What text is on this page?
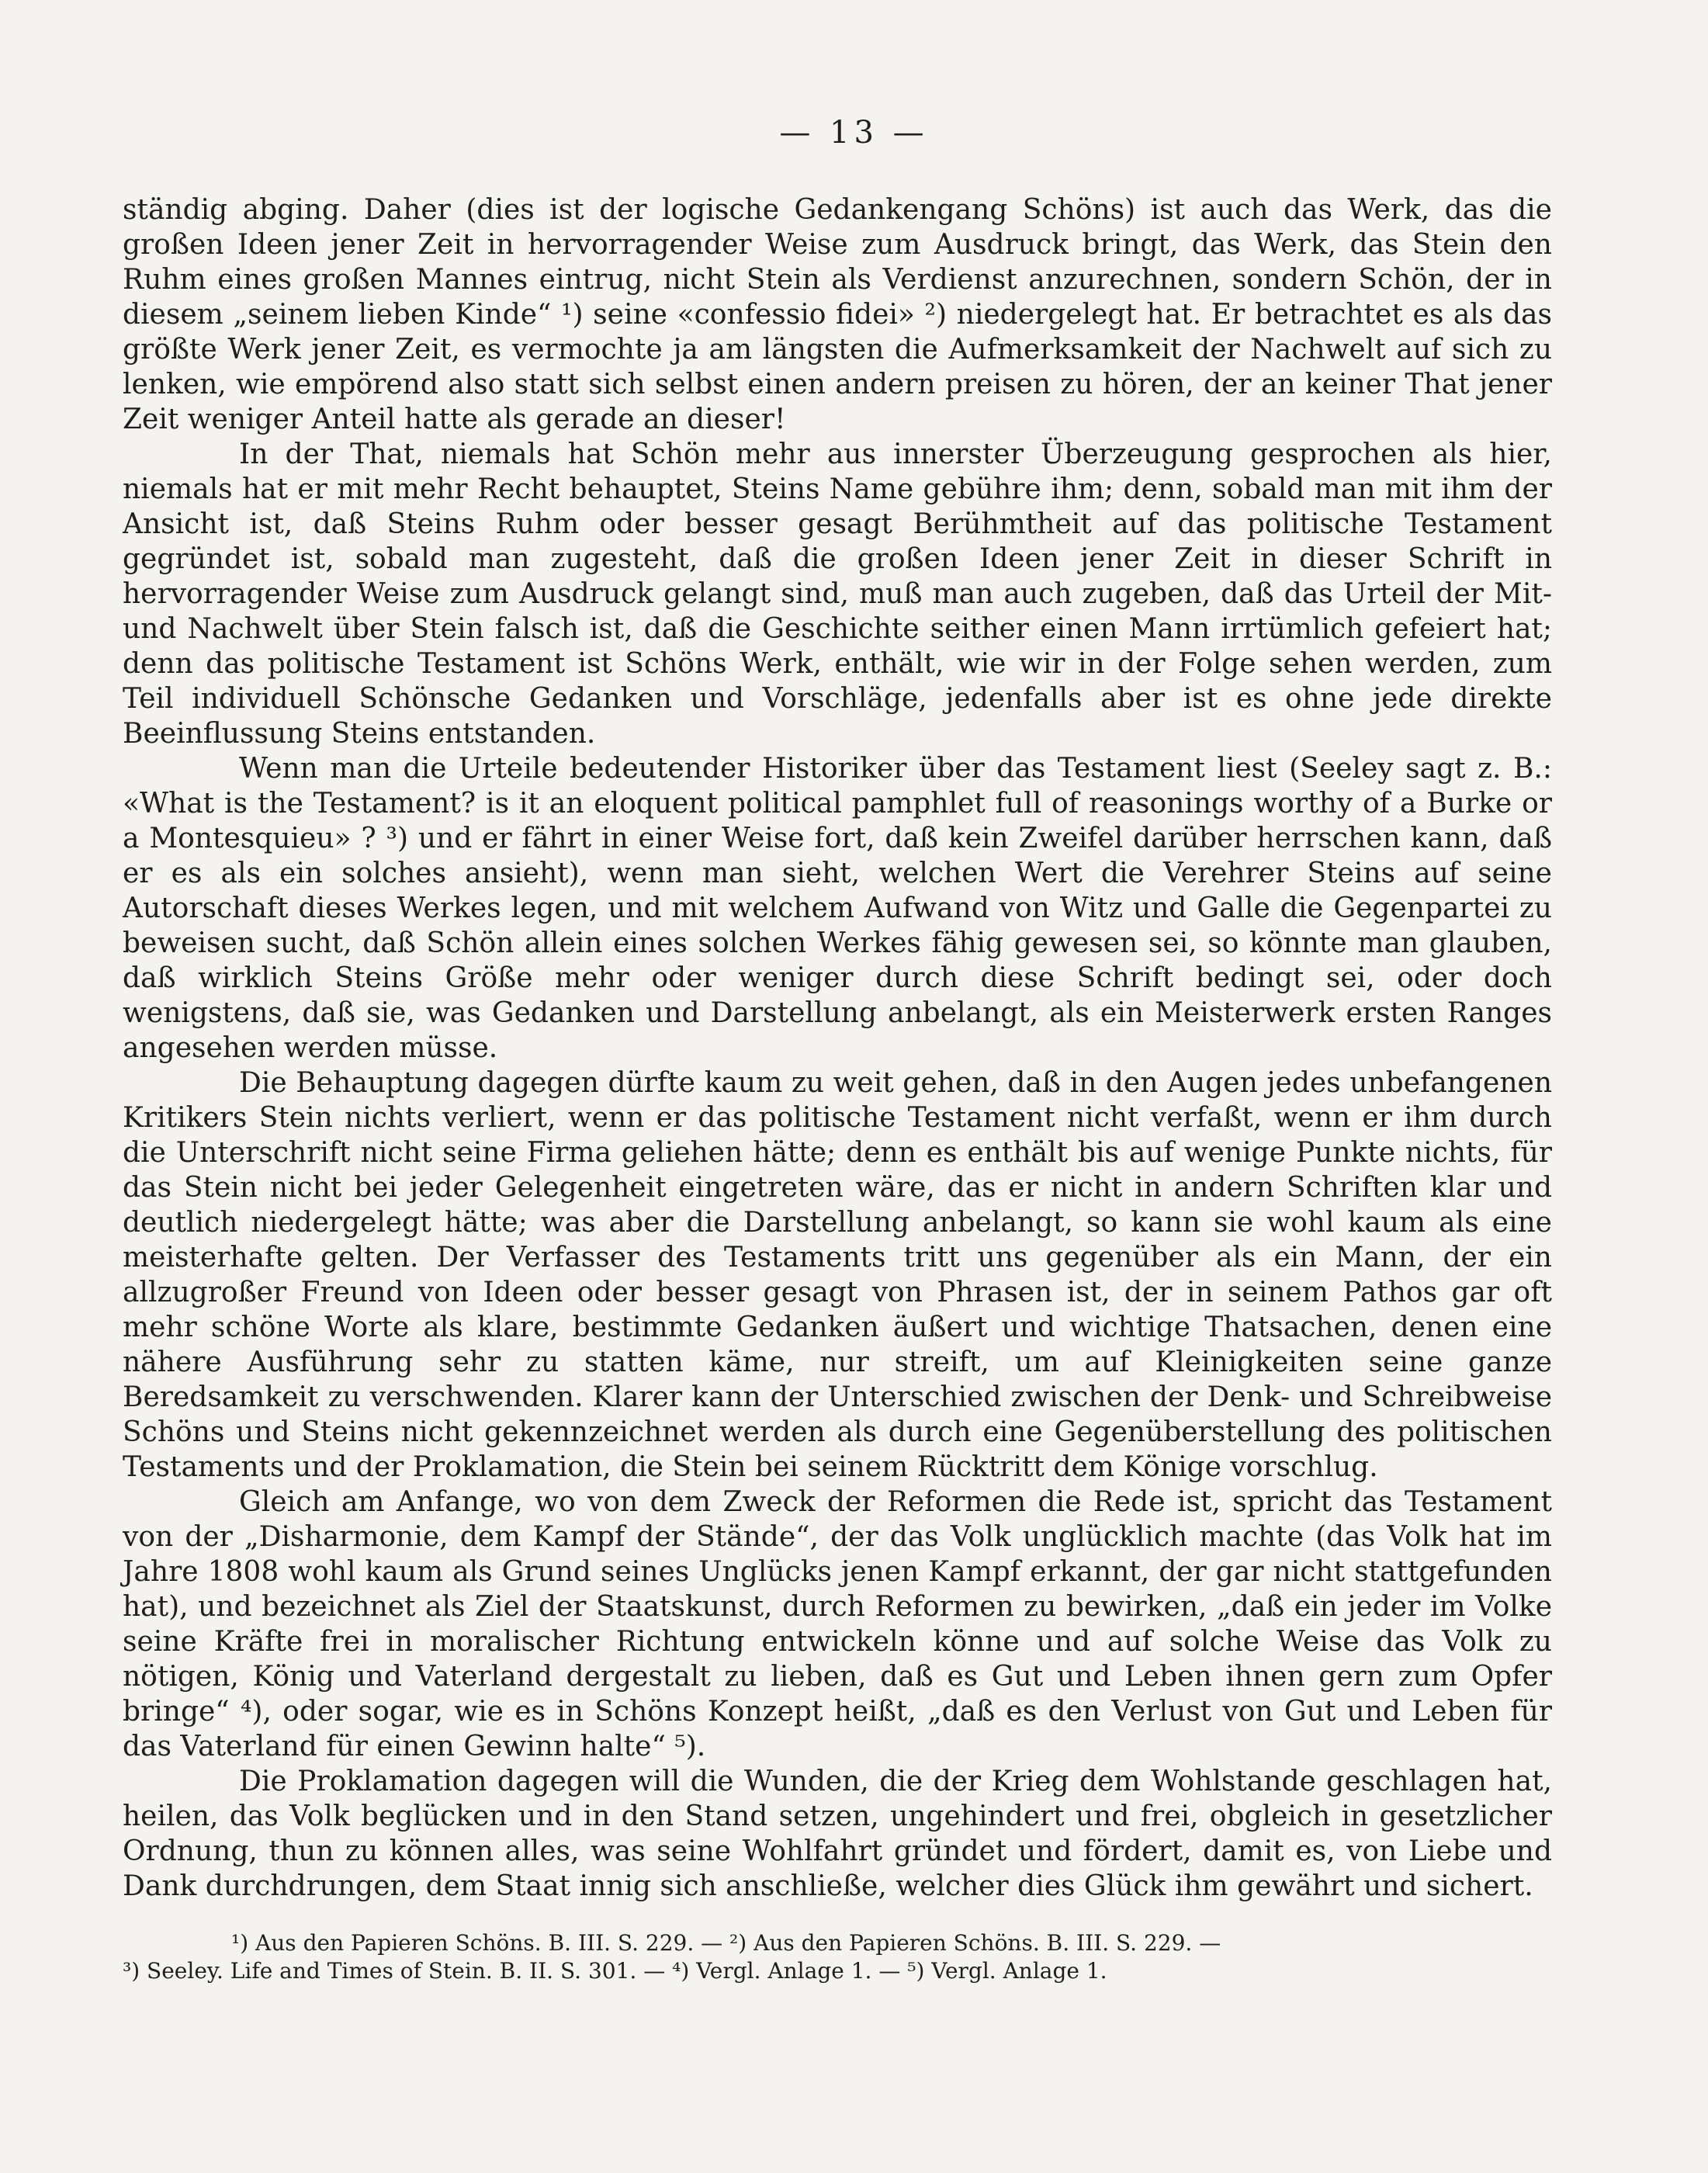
— 13 —

ständig abging. Daher (dies ist der logische Gedankengang Schöns) ist auch das Werk, das die großen Ideen jener Zeit in hervorragender Weise zum Ausdruck bringt, das Werk, das Stein den Ruhm eines großen Mannes eintrug, nicht Stein als Verdienst anzurechnen, sondern Schön, der in diesem „seinem lieben Kinde“ ¹) seine «confessio fidei» ²) niedergelegt hat. Er betrachtet es als das größte Werk jener Zeit, es vermochte ja am längsten die Aufmerksamkeit der Nachwelt auf sich zu lenken, wie empörend also statt sich selbst einen andern preisen zu hören, der an keiner That jener Zeit weniger Anteil hatte als gerade an dieser!

In der That, niemals hat Schön mehr aus innerster Überzeugung gesprochen als hier, niemals hat er mit mehr Recht behauptet, Steins Name gebühre ihm; denn, sobald man mit ihm der Ansicht ist, daß Steins Ruhm oder besser gesagt Berühmtheit auf das politische Testament gegründet ist, sobald man zugesteht, daß die großen Ideen jener Zeit in dieser Schrift in hervorragender Weise zum Ausdruck gelangt sind, muß man auch zugeben, daß das Urteil der Mit- und Nachwelt über Stein falsch ist, daß die Geschichte seither einen Mann irrtümlich gefeiert hat; denn das politische Testament ist Schöns Werk, enthält, wie wir in der Folge sehen werden, zum Teil individuell Schönsche Gedanken und Vorschläge, jedenfalls aber ist es ohne jede direkte Beeinflussung Steins entstanden.

Wenn man die Urteile bedeutender Historiker über das Testament liest (Seeley sagt z. B.: «What is the Testament? is it an eloquent political pamphlet full of reasonings worthy of a Burke or a Montesquieu» ? ³) und er fährt in einer Weise fort, daß kein Zweifel darüber herrschen kann, daß er es als ein solches ansieht), wenn man sieht, welchen Wert die Verehrer Steins auf seine Autorschaft dieses Werkes legen, und mit welchem Aufwand von Witz und Galle die Gegenpartei zu beweisen sucht, daß Schön allein eines solchen Werkes fähig gewesen sei, so könnte man glauben, daß wirklich Steins Größe mehr oder weniger durch diese Schrift bedingt sei, oder doch wenigstens, daß sie, was Gedanken und Darstellung anbelangt, als ein Meisterwerk ersten Ranges angesehen werden müsse.

Die Behauptung dagegen dürfte kaum zu weit gehen, daß in den Augen jedes unbefangenen Kritikers Stein nichts verliert, wenn er das politische Testament nicht verfaßt, wenn er ihm durch die Unterschrift nicht seine Firma geliehen hätte; denn es enthält bis auf wenige Punkte nichts, für das Stein nicht bei jeder Gelegenheit eingetreten wäre, das er nicht in andern Schriften klar und deutlich niedergelegt hätte; was aber die Darstellung anbelangt, so kann sie wohl kaum als eine meisterhafte gelten. Der Verfasser des Testaments tritt uns gegenüber als ein Mann, der ein allzugroßer Freund von Ideen oder besser gesagt von Phrasen ist, der in seinem Pathos gar oft mehr schöne Worte als klare, bestimmte Gedanken äußert und wichtige Thatsachen, denen eine nähere Ausführung sehr zu statten käme, nur streift, um auf Kleinigkeiten seine ganze Beredsamkeit zu verschwenden. Klarer kann der Unterschied zwischen der Denk- und Schreibweise Schöns und Steins nicht gekennzeichnet werden als durch eine Gegenüberstellung des politischen Testaments und der Proklamation, die Stein bei seinem Rücktritt dem Könige vorschlug.

Gleich am Anfange, wo von dem Zweck der Reformen die Rede ist, spricht das Testament von der „Disharmonie, dem Kampf der Stände“, der das Volk unglücklich machte (das Volk hat im Jahre 1808 wohl kaum als Grund seines Unglücks jenen Kampf erkannt, der gar nicht stattgefunden hat), und bezeichnet als Ziel der Staatskunst, durch Reformen zu bewirken, „daß ein jeder im Volke seine Kräfte frei in moralischer Richtung entwickeln könne und auf solche Weise das Volk zu nötigen, König und Vaterland dergestalt zu lieben, daß es Gut und Leben ihnen gern zum Opfer bringe“ ⁴), oder sogar, wie es in Schöns Konzept heißt, „daß es den Verlust von Gut und Leben für das Vaterland für einen Gewinn halte“ ⁵).

Die Proklamation dagegen will die Wunden, die der Krieg dem Wohlstande geschlagen hat, heilen, das Volk beglücken und in den Stand setzen, ungehindert und frei, obgleich in gesetzlicher Ordnung, thun zu können alles, was seine Wohlfahrt gründet und fördert, damit es, von Liebe und Dank durchdrungen, dem Staat innig sich anschließe, welcher dies Glück ihm gewährt und sichert.

¹) Aus den Papieren Schöns. B. III. S. 229. — ²) Aus den Papieren Schöns. B. III. S. 229. —

³) Seeley. Life and Times of Stein. B. II. S. 301. — ⁴) Vergl. Anlage 1. — ⁵) Vergl. Anlage 1.
